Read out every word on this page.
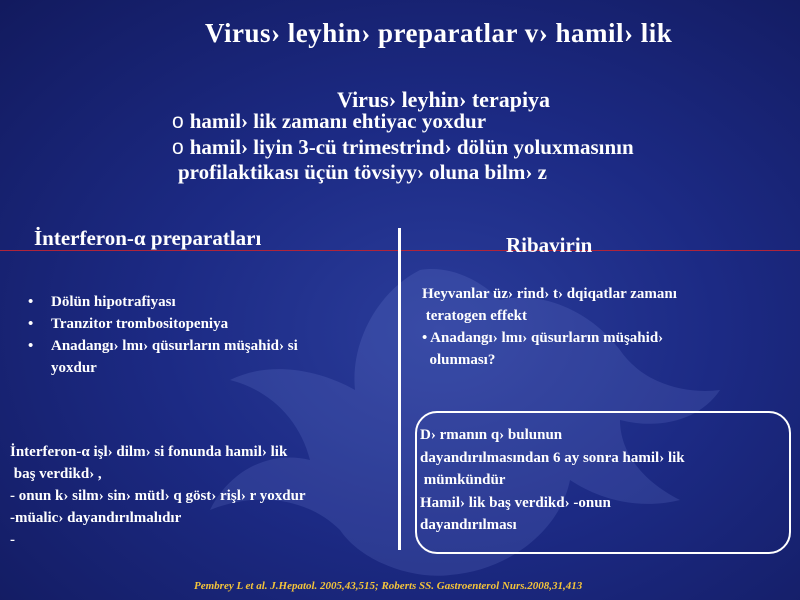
Virus› leyhin› preparatlar v› hamil› lik
Virus› leyhin› terapiya
o hamil› lik zamanı ehtiyac yoxdur
o hamil› liyin 3-cü trimestrind› dölün yoluxmasının
profilaktikası üçün tövsiyy› oluna bilm› z
İnterferon-α preparatları	Ribavirin
• Dölün hipotrafiyası
• Tranzitor trombositopeniya
• Anadangı› lmı› qüsurların müşahid› si
yoxdur
İnterferon-α işl› dilm› si fonunda hamil› lik
baş verdikd› ,
- onun k› silm› sin› mütl› q göst› rişl› r yoxdur
-müalic› dayandırılmalıdır
-
Heyvanlar üz› rind› t› dqiqatlar zamanı
teratogen effekt
• Anadangı› lmı› qüsurların müşahid›
olunması?
D› rmanın q› bulunun
dayandırılmasından 6 ay sonra hamil› lik
mümkündür
Hamil› lik baş verdikd› -onun
dayandırılması
Pembrey L et al. J.Hepatol. 2005,43,515; Roberts SS. Gastroenterol Nurs.2008,31,413
